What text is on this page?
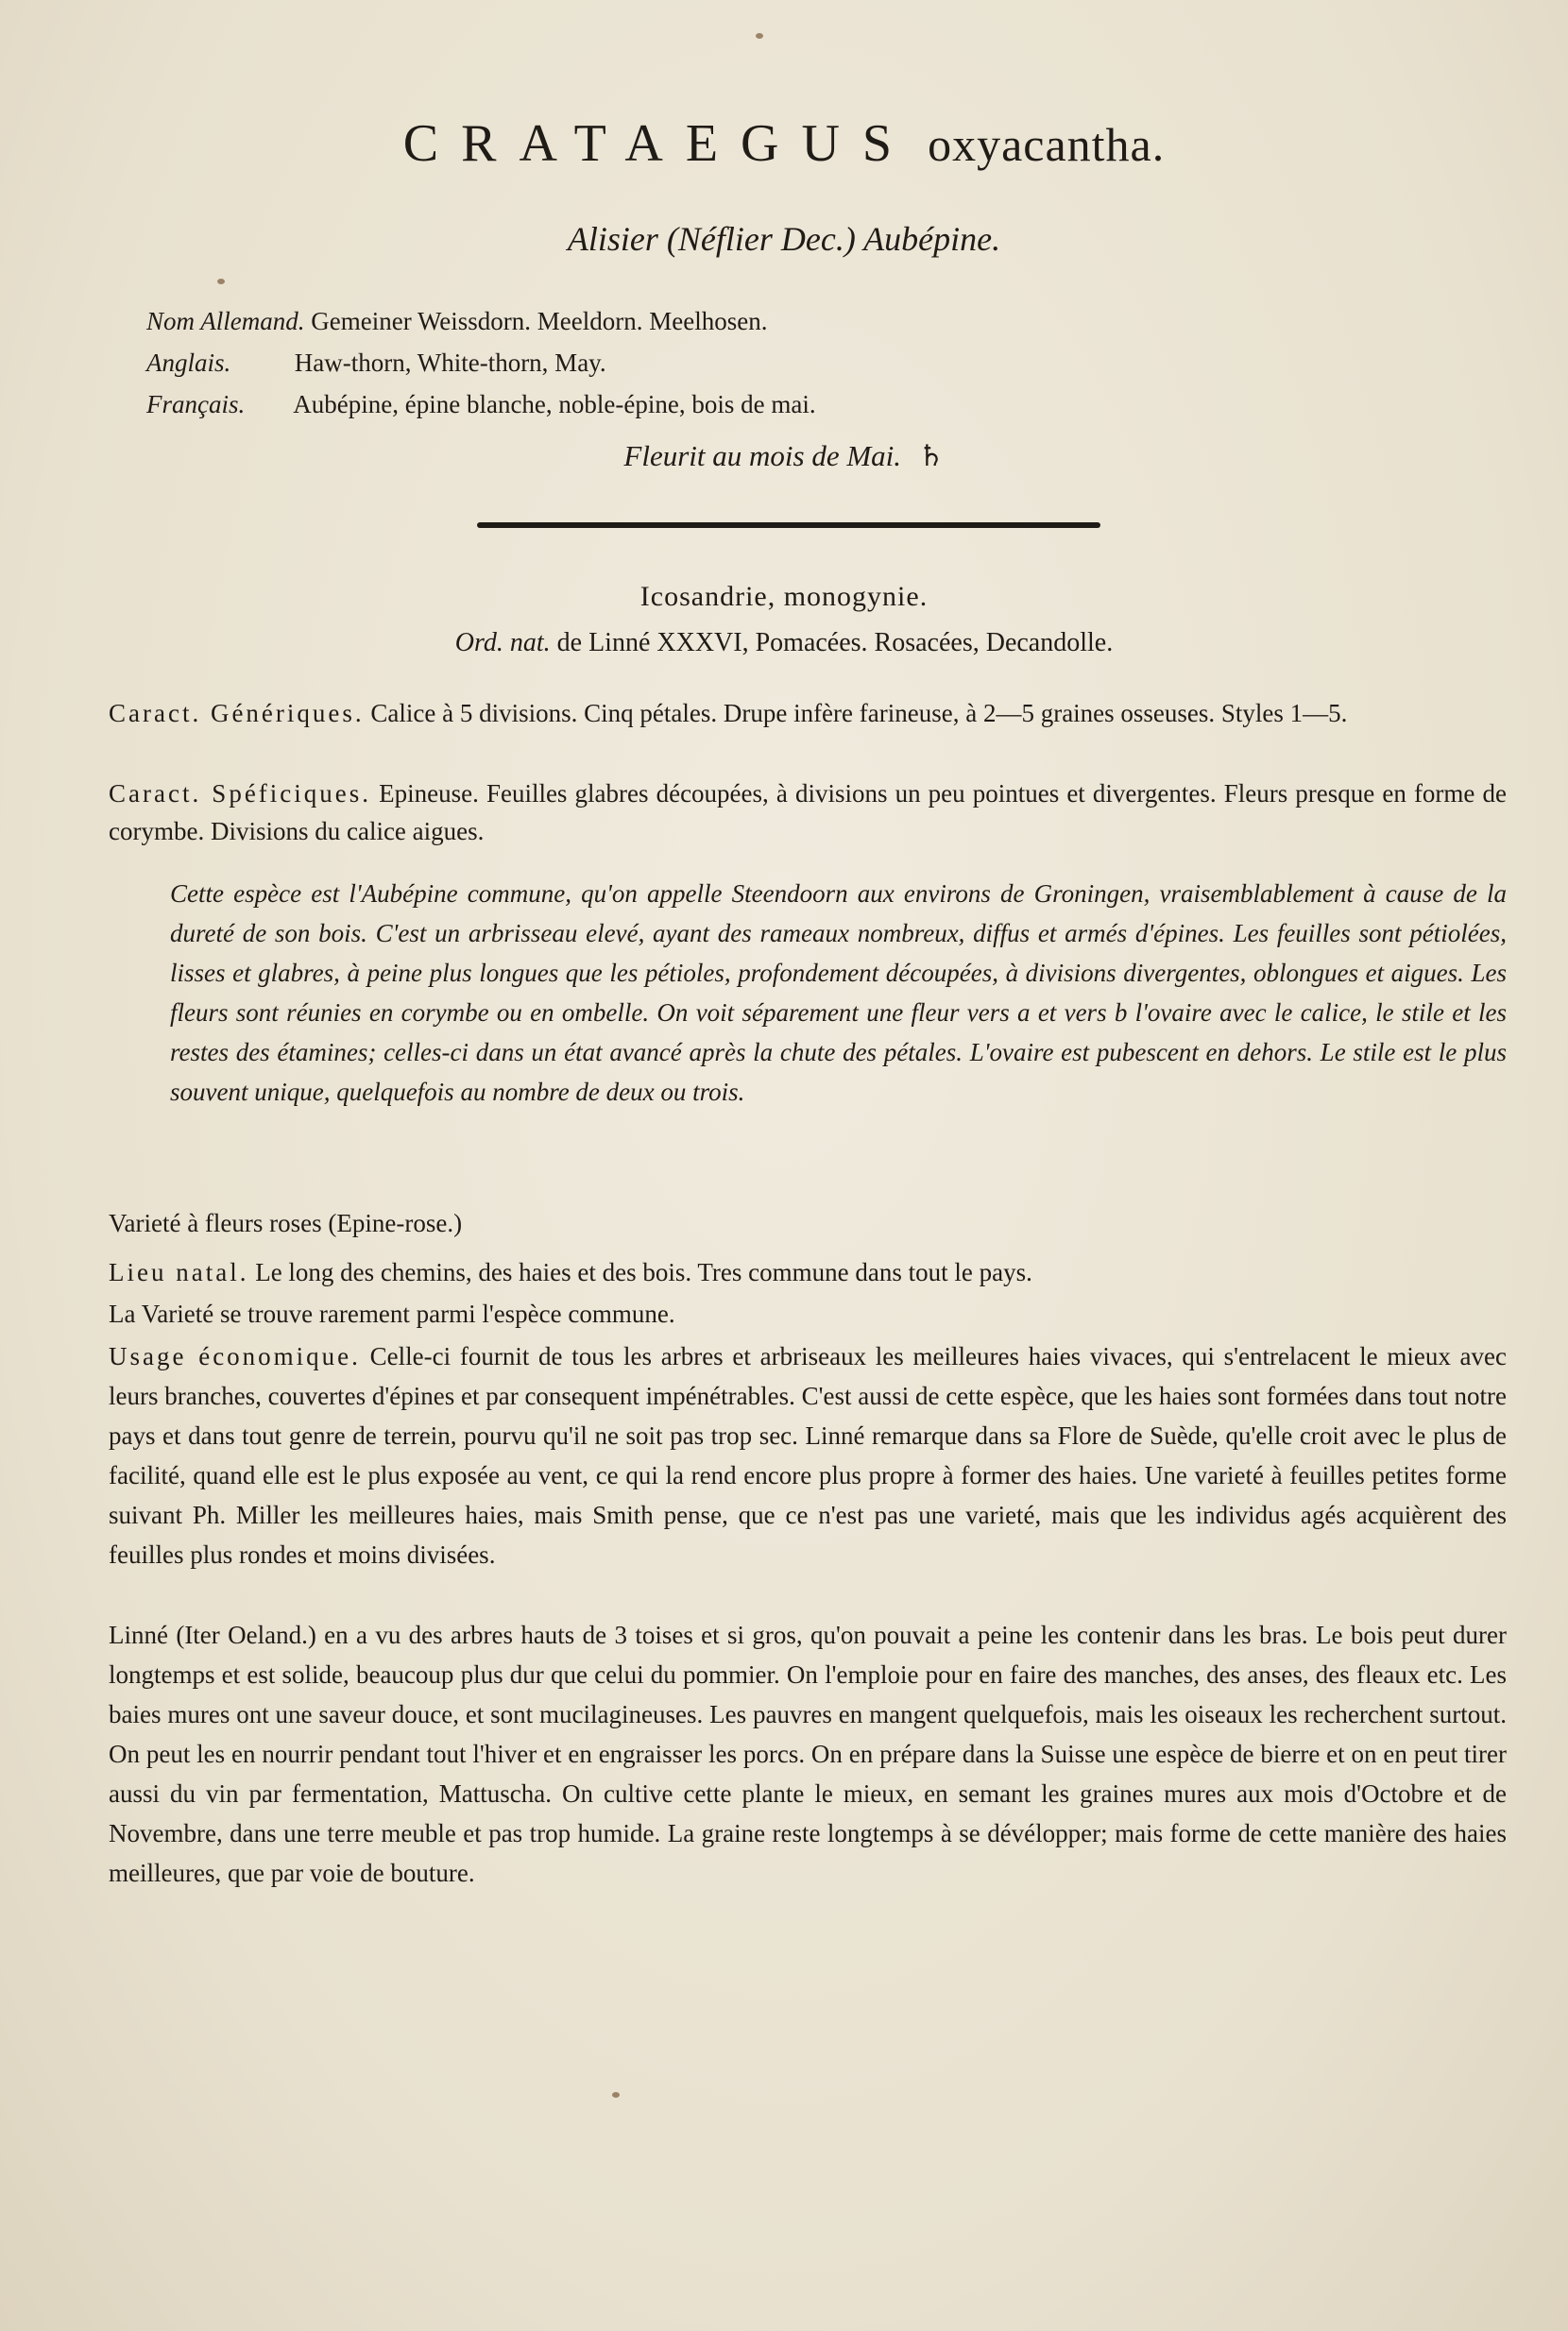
CRATAEGUS oxyacantha.
Alisier (Néflier Dec.) Aubépine.
Nom Allemand. Gemeiner Weissdorn. Meeldorn. Meelhosen.
Anglais. Haw-thorn, White-thorn, May.
Français. Aubépine, épine blanche, noble-épine, bois de mai.
Fleurit au mois de Mai. ♄
Icosandrie, monogynie.
Ord. nat. de Linné XXXVI, Pomacées. Rosacées, Decandolle.

Caract. Génériques. Calice à 5 divisions. Cinq pétales. Drupe infère farineuse, à 2—5 graines osseuses. Styles 1—5.

Caract. Spéficiques. Epineuse. Feuilles glabres découpées, à divisions un peu pointues et divergentes. Fleurs presque en forme de corymbe. Divisions du calice aigues.

Cette espèce est l'Aubépine commune, qu'on appelle Steendoorn aux environs de Groningen, vraisemblablement à cause de la dureté de son bois. C'est un arbrisseau elevé, ayant des rameaux nombreux, diffus et armés d'épines. Les feuilles sont pétiolées, lisses et glabres, à peine plus longues que les pétioles, profondement découpées, à divisions divergentes, oblongues et aigues. Les fleurs sont réunies en corymbe ou en ombelle. On voit séparement une fleur vers a et vers b l'ovaire avec le calice, le stile et les restes des étamines; celles-ci dans un état avancé après la chute des pétales. L'ovaire est pubescent en dehors. Le stile est le plus souvent unique, quelquefois au nombre de deux ou trois.

Varieté à fleurs roses (Epine-rose.)

Lieu natal. Le long des chemins, des haies et des bois. Tres commune dans tout le pays.
La Varieté se trouve rarement parmi l'espèce commune.

Usage économique. Celle-ci fournit de tous les arbres et arbriseaux les meilleures haies vivaces, qui s'entrelacent le mieux avec leurs branches, couvertes d'épines et par consequent impénétrables. C'est aussi de cette espèce, que les haies sont formées dans tout notre pays et dans tout genre de terrein, pourvu qu'il ne soit pas trop sec. Linné remarque dans sa Flore de Suède, qu'elle croit avec le plus de facilité, quand elle est le plus exposée au vent, ce qui la rend encore plus propre à former des haies. Une varieté à feuilles petites forme suivant Ph. Miller les meilleures haies, mais Smith pense, que ce n'est pas une varieté, mais que les individus agés acquièrent des feuilles plus rondes et moins divisées.

Linné (Iter Oeland.) en a vu des arbres hauts de 3 toises et si gros, qu'on pouvait a peine les contenir dans les bras. Le bois peut durer longtemps et est solide, beaucoup plus dur que celui du pommier. On l'emploie pour en faire des manches, des anses, des fleaux etc. Les baies mures ont une saveur douce, et sont mucilagineuses. Les pauvres en mangent quelquefois, mais les oiseaux les recherchent surtout. On peut les en nourrir pendant tout l'hiver et en engraisser les porcs. On en prépare dans la Suisse une espèce de bierre et on en peut tirer aussi du vin par fermentation, Mattuscha. On cultive cette plante le mieux, en semant les graines mures aux mois d'Octobre et de Novembre, dans une terre meuble et pas trop humide. La graine reste longtemps à se dévélopper; mais forme de cette manière des haies meilleures, que par voie de bouture.
